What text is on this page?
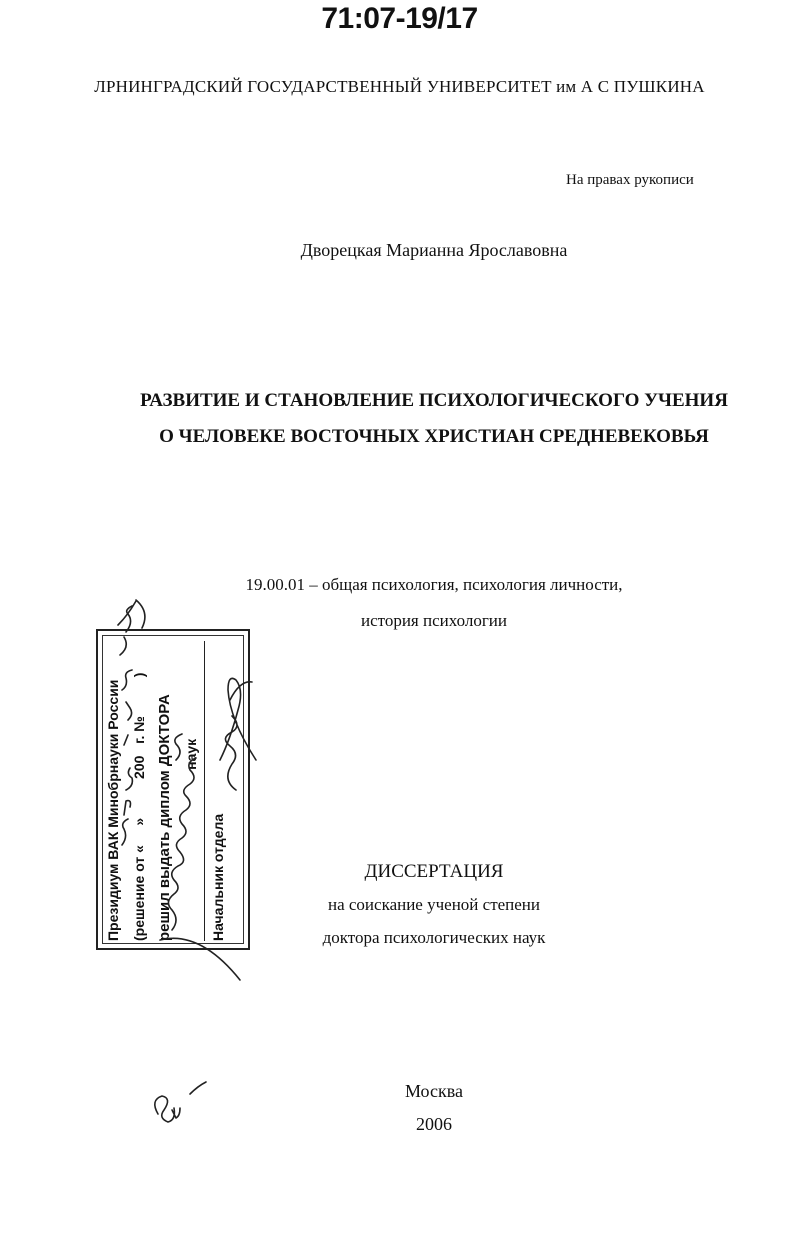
71:07-19/17
ЛРНИНГРАДСКИЙ ГОСУДАРСТВЕННЫЙ УНИВЕРСИТЕТ им А С ПУШКИНА
На правах рукописи
Дворецкая Марианна Ярославовна
РАЗВИТИЕ И СТАНОВЛЕНИЕ ПСИХОЛОГИЧЕСКОГО УЧЕНИЯ
О ЧЕЛОВЕКЕ ВОСТОЧНЫХ ХРИСТИАН СРЕДНЕВЕКОВЬЯ
19.00.01 – общая психология, психология личности,
история психологии
Президиум ВАК Минобрнауки России (решение от «     »          200   г. №          ) решил выдать диплом ДОКТОРА наук Начальник отдела	ДИССЕРТАЦИЯ
на соискание ученой степени
доктора психологических наук
Москва
2006
